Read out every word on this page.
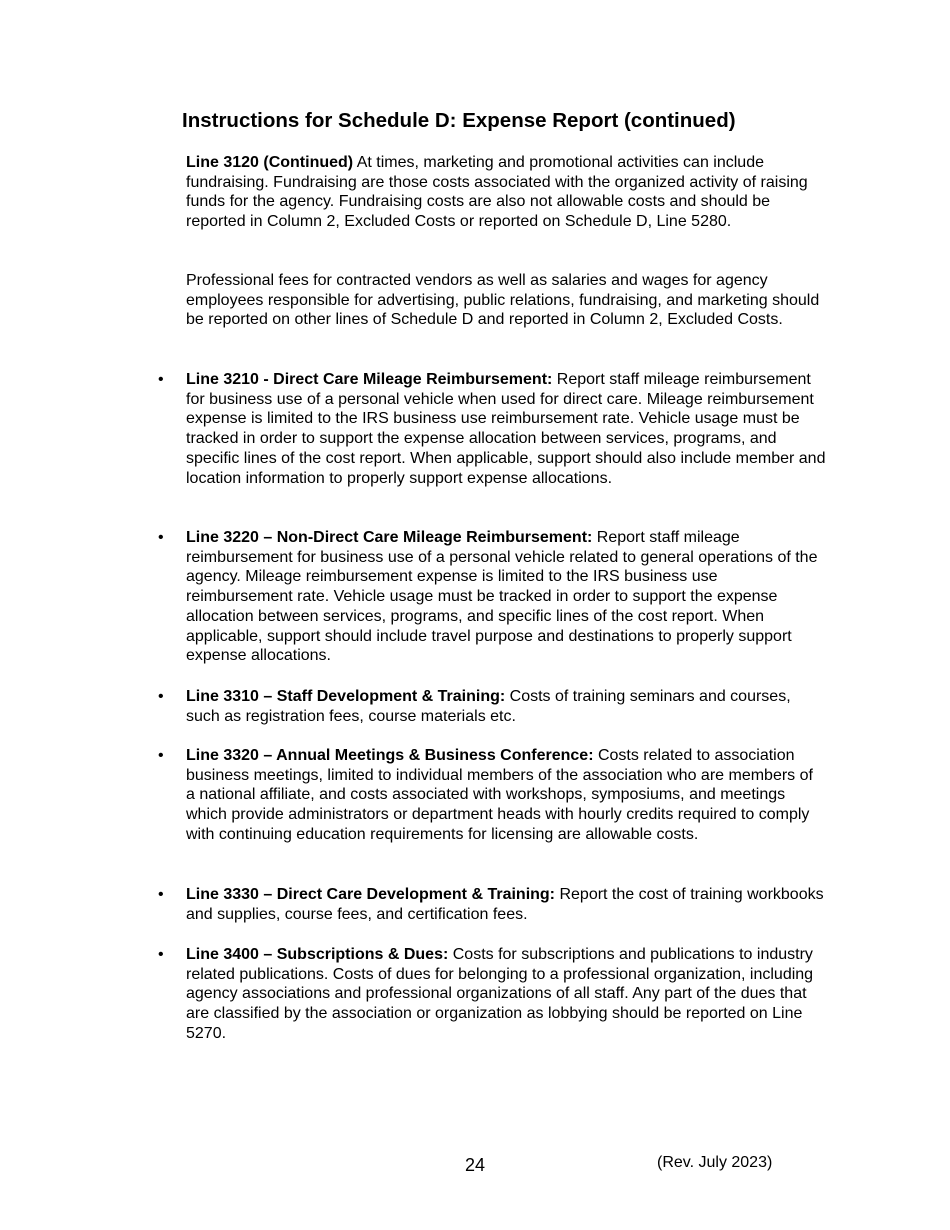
Instructions for Schedule D: Expense Report (continued)

Line 3120 (Continued) At times, marketing and promotional activities can include fundraising. Fundraising are those costs associated with the organized activity of raising funds for the agency. Fundraising costs are also not allowable costs and should be reported in Column 2, Excluded Costs or reported on Schedule D, Line 5280.

Professional fees for contracted vendors as well as salaries and wages for agency employees responsible for advertising, public relations, fundraising, and marketing should be reported on other lines of Schedule D and reported in Column 2, Excluded Costs.

• Line 3210 - Direct Care Mileage Reimbursement: Report staff mileage reimbursement for business use of a personal vehicle when used for direct care. Mileage reimbursement expense is limited to the IRS business use reimbursement rate. Vehicle usage must be tracked in order to support the expense allocation between services, programs, and specific lines of the cost report. When applicable, support should also include member and location information to properly support expense allocations.
• Line 3220 – Non-Direct Care Mileage Reimbursement: Report staff mileage reimbursement for business use of a personal vehicle related to general operations of the agency. Mileage reimbursement expense is limited to the IRS business use reimbursement rate. Vehicle usage must be tracked in order to support the expense allocation between services, programs, and specific lines of the cost report. When applicable, support should include travel purpose and destinations to properly support expense allocations.
• Line 3310 – Staff Development & Training: Costs of training seminars and courses, such as registration fees, course materials etc.
• Line 3320 – Annual Meetings & Business Conference: Costs related to association business meetings, limited to individual members of the association who are members of a national affiliate, and costs associated with workshops, symposiums, and meetings which provide administrators or department heads with hourly credits required to comply with continuing education requirements for licensing are allowable costs.
• Line 3330 – Direct Care Development & Training: Report the cost of training workbooks and supplies, course fees, and certification fees.
• Line 3400 – Subscriptions & Dues: Costs for subscriptions and publications to industry related publications. Costs of dues for belonging to a professional organization, including agency associations and professional organizations of all staff. Any part of the dues that are classified by the association or organization as lobbying should be reported on Line 5270.
24	(Rev. July 2023)
